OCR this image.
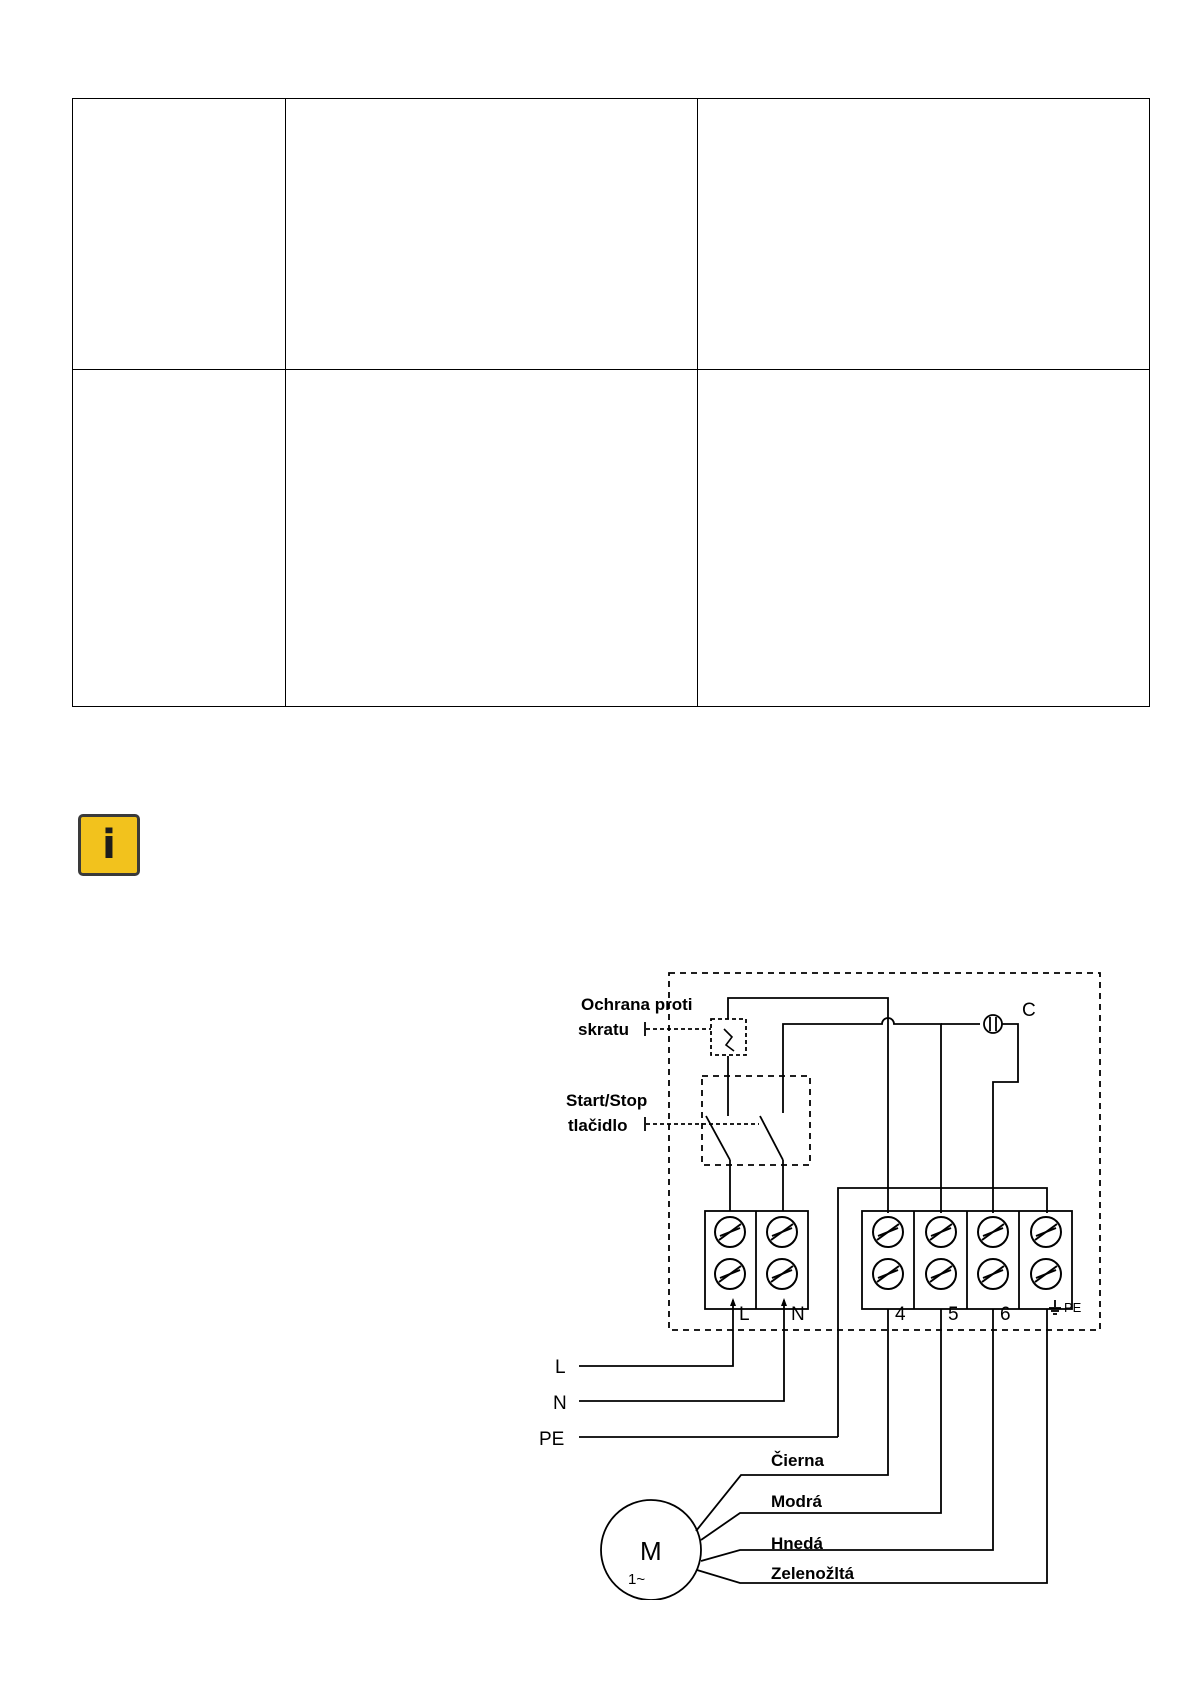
i
Ochrana proti
skratu
Start/Stop
tlačidlo
C
L N	4 5 6	PE
L
N
PE
M
1~
Čierna
Modrá
Hnedá
Zelenožltá
